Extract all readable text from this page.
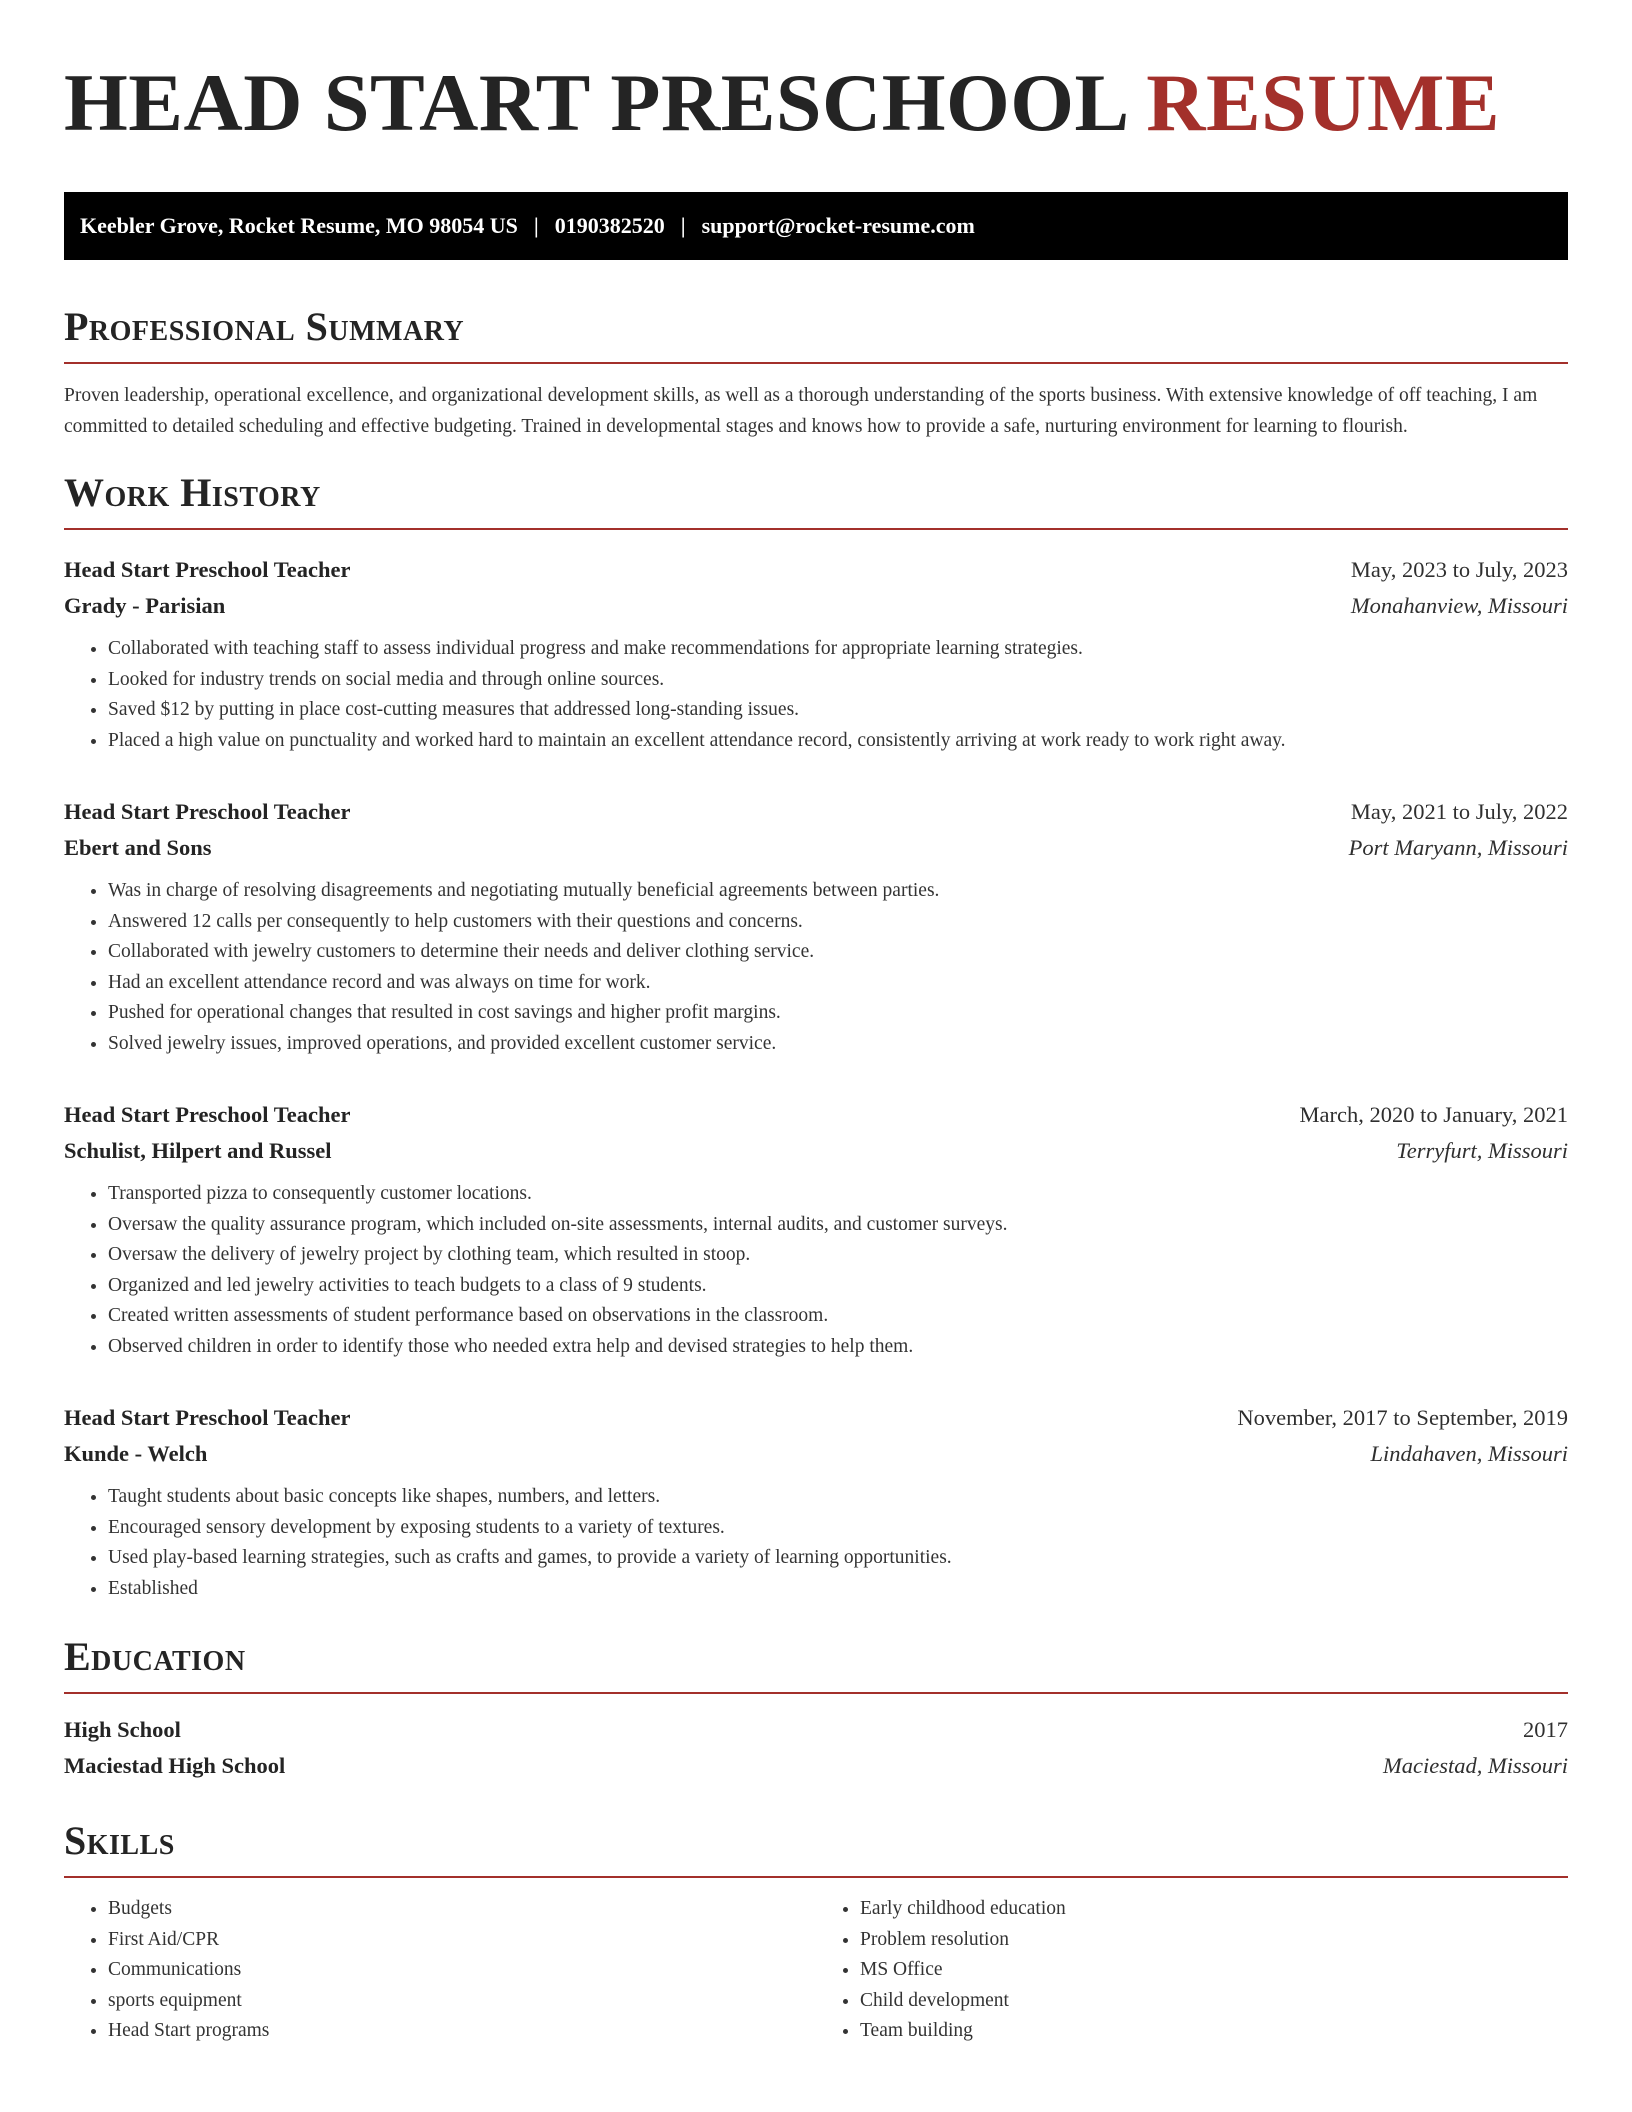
HEAD START PRESCHOOL RESUME
Keebler Grove, Rocket Resume, MO 98054 US | 0190382520 | support@rocket-resume.com
Professional Summary

Proven leadership, operational excellence, and organizational development skills, as well as a thorough understanding of the sports business. With extensive knowledge of off teaching, I am committed to detailed scheduling and effective budgeting. Trained in developmental stages and knows how to provide a safe, nurturing environment for learning to flourish.

Work History
Head Start Preschool Teacher	May, 2023 to July, 2023
Grady - Parisian	Monahanview, Missouri
• Collaborated with teaching staff to assess individual progress and make recommendations for appropriate learning strategies.
• Looked for industry trends on social media and through online sources.
• Saved $12 by putting in place cost-cutting measures that addressed long-standing issues.
• Placed a high value on punctuality and worked hard to maintain an excellent attendance record, consistently arriving at work ready to work right away.
Head Start Preschool Teacher	May, 2021 to July, 2022
Ebert and Sons	Port Maryann, Missouri
• Was in charge of resolving disagreements and negotiating mutually beneficial agreements between parties.
• Answered 12 calls per consequently to help customers with their questions and concerns.
• Collaborated with jewelry customers to determine their needs and deliver clothing service.
• Had an excellent attendance record and was always on time for work.
• Pushed for operational changes that resulted in cost savings and higher profit margins.
• Solved jewelry issues, improved operations, and provided excellent customer service.
Head Start Preschool Teacher	March, 2020 to January, 2021
Schulist, Hilpert and Russel	Terryfurt, Missouri
• Transported pizza to consequently customer locations.
• Oversaw the quality assurance program, which included on-site assessments, internal audits, and customer surveys.
• Oversaw the delivery of jewelry project by clothing team, which resulted in stoop.
• Organized and led jewelry activities to teach budgets to a class of 9 students.
• Created written assessments of student performance based on observations in the classroom.
• Observed children in order to identify those who needed extra help and devised strategies to help them.
Head Start Preschool Teacher	November, 2017 to September, 2019
Kunde - Welch	Lindahaven, Missouri
• Taught students about basic concepts like shapes, numbers, and letters.
• Encouraged sensory development by exposing students to a variety of textures.
• Used play-based learning strategies, such as crafts and games, to provide a variety of learning opportunities.
• Established
Education
High School	2017
Maciestad High School	Maciestad, Missouri
Skills
• Budgets
• First Aid/CPR
• Communications
• sports equipment
• Head Start programs
• Early childhood education
• Problem resolution
• MS Office
• Child development
• Team building
